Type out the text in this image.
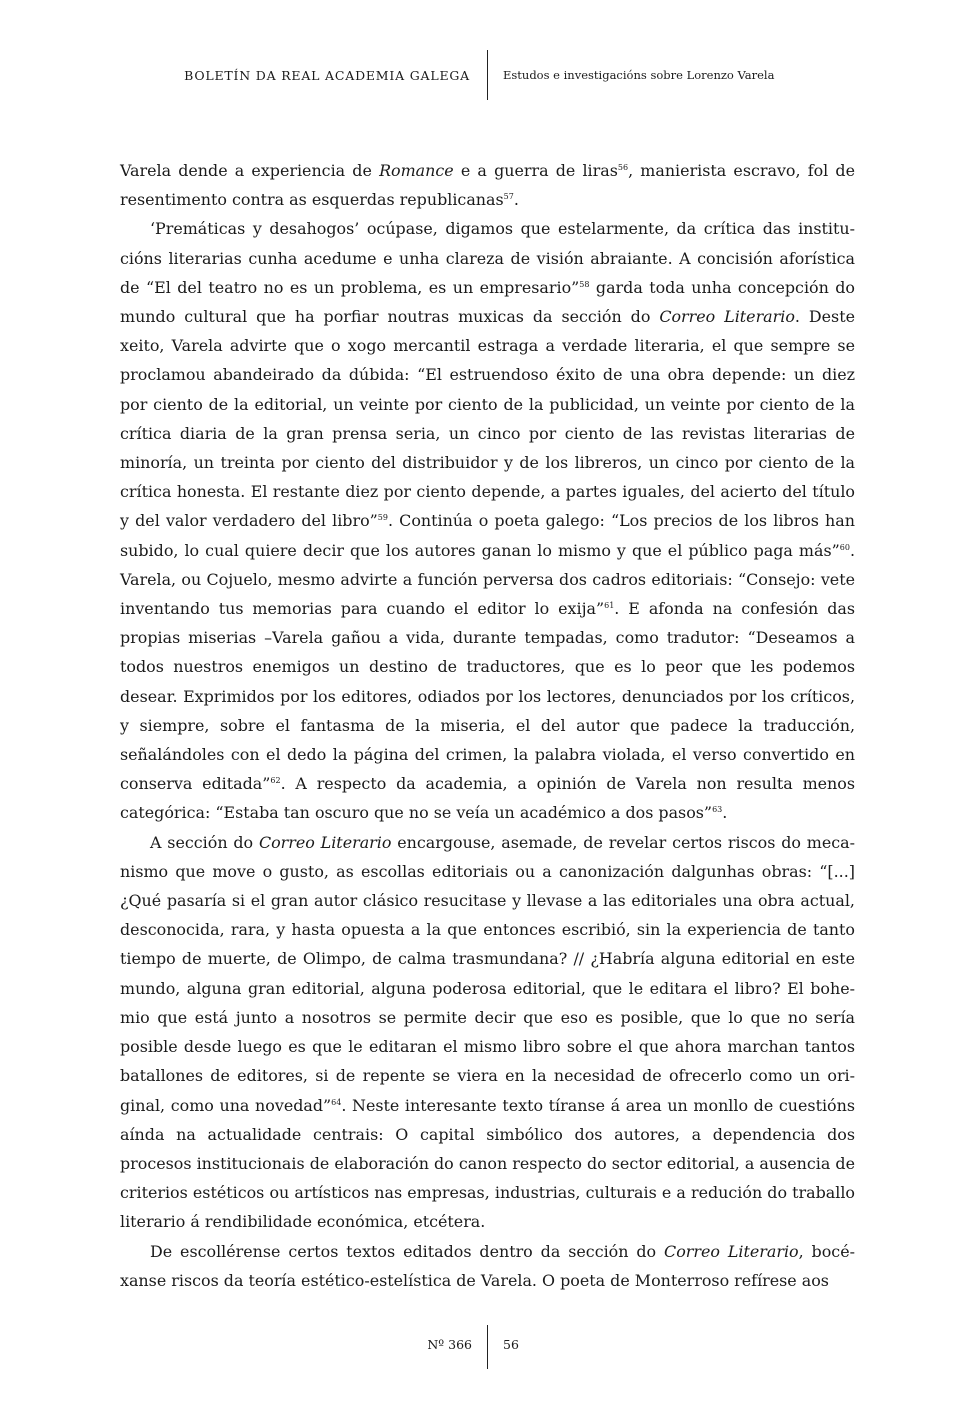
BOLETÍN DA REAL ACADEMIA GALEGA	Estudos e investigacións sobre Lorenzo Varela

Varela dende a experiencia de Romance e a guerra de liras$^{56}$, manierista escravo, fol de resentimento contra as esquerdas republicanas$^{57}$.

‘Premáticas y desahogos’ ocúpase, digamos que estelarmente, da crítica das institucións literarias cunha acedume e unha clareza de visión abraiante. A concisión aforística de “El del teatro no es un problema, es un empresario”$^{58}$ garda toda unha concepción do mundo cultural que ha porfiar noutras muxicas da sección do Correo Literario. Deste xeito, Varela advirte que o xogo mercantil estraga a verdade literaria, el que sempre se proclamou abandeirado da dúbida: “El estruendoso éxito de una obra depende: un diez por ciento de la editorial, un veinte por ciento de la publicidad, un veinte por ciento de la crítica diaria de la gran prensa seria, un cinco por ciento de las revistas literarias de minoría, un treinta por ciento del distribuidor y de los libreros, un cinco por ciento de la crítica honesta. El restante diez por ciento depende, a partes iguales, del acierto del título y del valor verdadero del libro”$^{59}$. Continúa o poeta galego: “Los precios de los libros han subido, lo cual quiere decir que los autores ganan lo mismo y que el público paga más”$^{60}$. Varela, ou Cojuelo, mesmo advirte a función perversa dos cadros editoriais: “Consejo: vete inventando tus memorias para cuando el editor lo exija”$^{61}$. E afonda na confesión das propias miserias –Varela gañou a vida, durante tempadas, como tradutor: “Deseamos a todos nuestros enemigos un destino de traductores, que es lo peor que les podemos desear. Exprimidos por los editores, odiados por los lectores, denunciados por los críticos, y siempre, sobre el fantasma de la miseria, el del autor que padece la traducción, señalándoles con el dedo la página del crimen, la palabra violada, el verso convertido en conserva editada”$^{62}$. A respecto da academia, a opinión de Varela non resulta menos categórica: “Estaba tan oscuro que no se veía un académico a dos pasos”$^{63}$.

A sección do Correo Literario encargouse, asemade, de revelar certos riscos do mecanismo que move o gusto, as escollas editoriais ou a canonización dalgunhas obras: “[...] ¿Qué pasaría si el gran autor clásico resucitase y llevase a las editoriales una obra actual, desconocida, rara, y hasta opuesta a la que entonces escribió, sin la experiencia de tanto tiempo de muerte, de Olimpo, de calma trasmundana? // ¿Habría alguna editorial en este mundo, alguna gran editorial, alguna poderosa editorial, que le editara el libro? El bohemio que está junto a nosotros se permite decir que eso es posible, que lo que no sería posible desde luego es que le editaran el mismo libro sobre el que ahora marchan tantos batallones de editores, si de repente se viera en la necesidad de ofrecerlo como un original, como una novedad”$^{64}$. Neste interesante texto tíranse á area un monllo de cuestións aínda na actualidade centrais: O capital simbólico dos autores, a dependencia dos procesos institucionais de elaboración do canon respecto do sector editorial, a ausencia de criterios estéticos ou artísticos nas empresas, industrias, culturais e a redución do traballo literario á rendibilidade económica, etcétera.

De escollérense certos textos editados dentro da sección do Correo Literario, bocéxanse riscos da teoría estético-estelística de Varela. O poeta de Monterroso refírese aos

Nº 366 56
